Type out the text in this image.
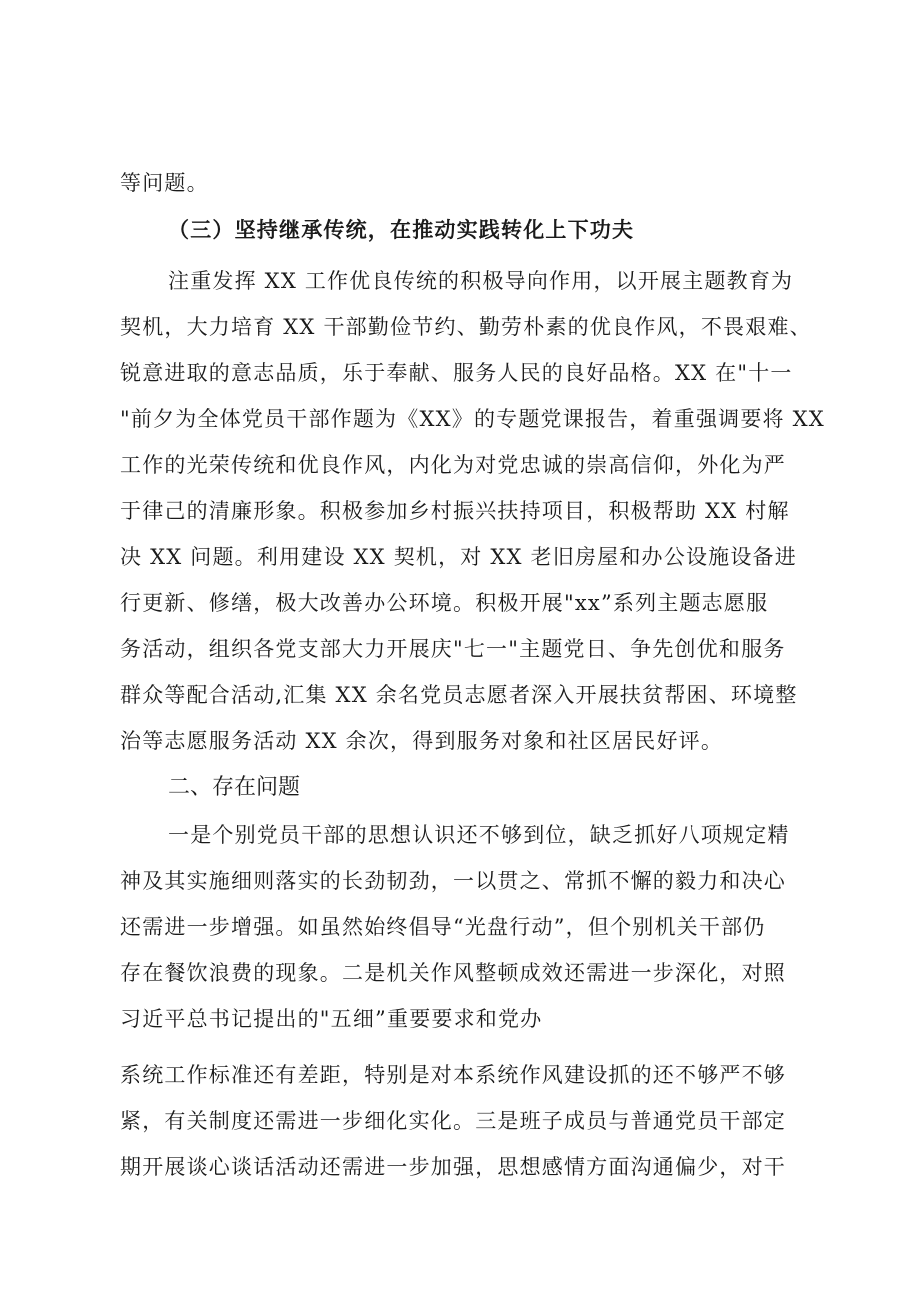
等问题。
（三）坚持继承传统，在推动实践转化上下功夫
注重发挥 XX 工作优良传统的积极导向作用，以开展主题教育为
契机，大力培育 XX 干部勤俭节约、勤劳朴素的优良作风，不畏艰难、
锐意进取的意志品质，乐于奉献、服务人民的良好品格。XX 在"十一
"前夕为全体党员干部作题为《XX》的专题党课报告，着重强调要将 XX
工作的光荣传统和优良作风，内化为对党忠诚的崇高信仰，外化为严
于律己的清廉形象。积极参加乡村振兴扶持项目，积极帮助 XX 村解
决 XX 问题。利用建设 XX 契机，对 XX 老旧房屋和办公设施设备进
行更新、修缮，极大改善办公环境。积极开展"xx”系列主题志愿服
务活动，组织各党支部大力开展庆"七一"主题党日、争先创优和服务
群众等配合活动,汇集 XX 余名党员志愿者深入开展扶贫帮困、环境整
治等志愿服务活动 XX 余次，得到服务对象和社区居民好评。
二、存在问题
一是个别党员干部的思想认识还不够到位，缺乏抓好八项规定精
神及其实施细则落实的长劲韧劲，一以贯之、常抓不懈的毅力和决心
还需进一步增强。如虽然始终倡导“光盘行动”，但个别机关干部仍
存在餐饮浪费的现象。二是机关作风整顿成效还需进一步深化，对照
习近平总书记提出的"五细”重要要求和党办
系统工作标准还有差距，特别是对本系统作风建设抓的还不够严不够
紧，有关制度还需进一步细化实化。三是班子成员与普通党员干部定
期开展谈心谈话活动还需进一步加强，思想感情方面沟通偏少，对干
